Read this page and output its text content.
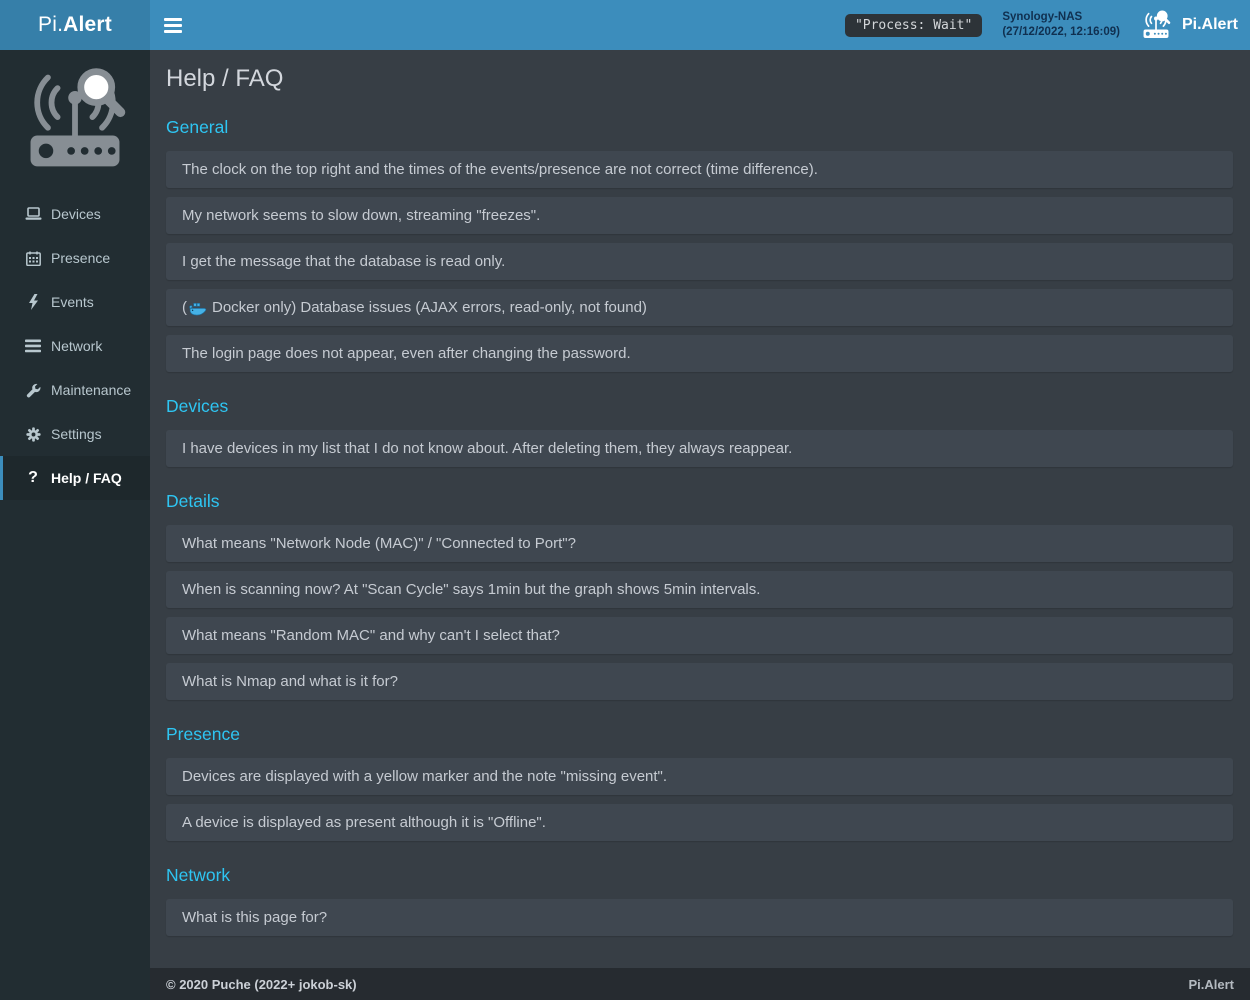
Pi. Alert	"Process: Wait"
Synology-NAS
(27/12/2022, 12:16:09)	Pi.Alert
Devices
Presence
Events
Network
Maintenance
Settings
? Help / FAQ
Help / FAQ
General
The clock on the top right and the times of the events/presence are not correct (time difference).
My network seems to slow down, streaming "freezes".
I get the message that the database is read only.
( Docker only) Database issues (AJAX errors, read-only, not found)
The login page does not appear, even after changing the password.
Devices
I have devices in my list that I do not know about. After deleting them, they always reappear.
Details
What means "Network Node (MAC)" / "Connected to Port"?
When is scanning now? At "Scan Cycle" says 1min but the graph shows 5min intervals.
What means "Random MAC" and why can't I select that?
What is Nmap and what is it for?
Presence
Devices are displayed with a yellow marker and the note "missing event".
A device is displayed as present although it is "Offline".
Network
What is this page for?
© 2020 Puche (2022+ jokob-sk)	Pi.Alert
